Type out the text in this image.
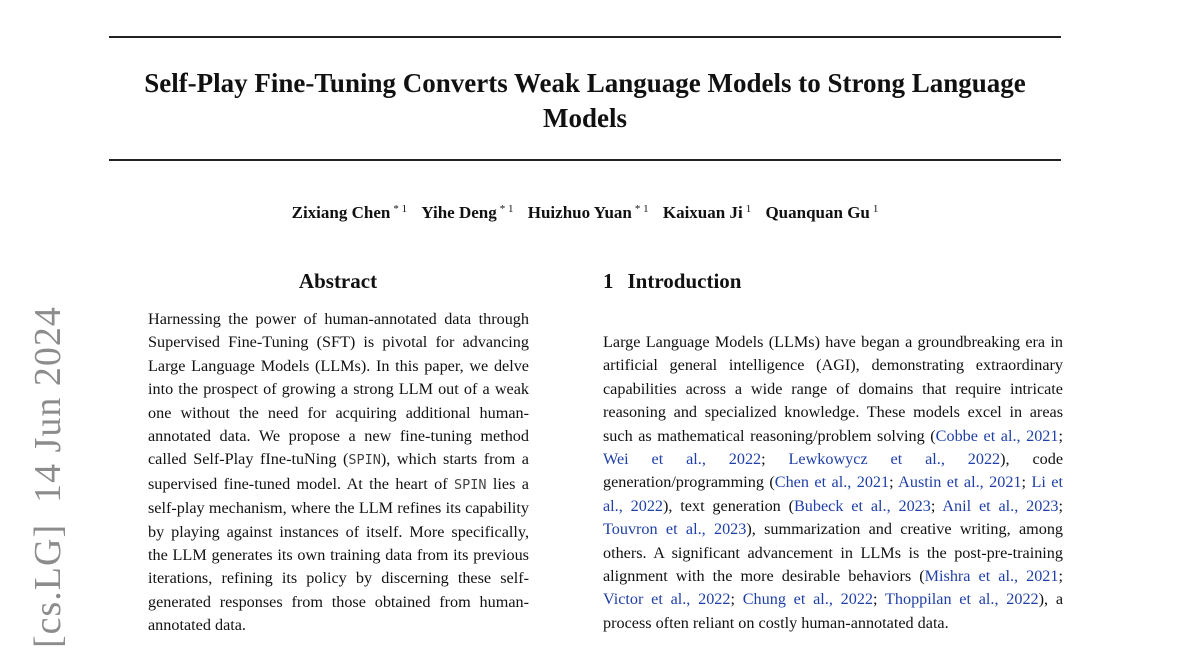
Self-Play Fine-Tuning Converts Weak Language Models to Strong Language Models
Zixiang Chen $^{* 1}$ Yihe Deng $^{* 1}$ Huizhuo Yuan $^{* 1}$ Kaixuan Ji $^1$ Quanquan Gu $^1$
[cs.LG]  14 Jun 2024
Abstract
Harnessing the power of human-annotated data through Supervised Fine-Tuning (SFT) is pivotal for advancing Large Language Models (LLMs). In this paper, we delve into the prospect of growing a strong LLM out of a weak one without the need for acquiring additional human-annotated data. We propose a new fine-tuning method called Self-Play fIne-tuNing (SPIN), which starts from a supervised fine-tuned model. At the heart of SPIN lies a self-play mechanism, where the LLM refines its capability by playing against instances of itself. More specifically, the LLM generates its own training data from its previous iterations, refining its policy by discerning these self-generated responses from those obtained from human-annotated data.
1 Introduction
Large Language Models (LLMs) have began a groundbreaking era in artificial general intelligence (AGI), demonstrating extraordinary capabilities across a wide range of domains that require intricate reasoning and specialized knowledge. These models excel in areas such as mathematical reasoning/problem solving (Cobbe et al., 2021; Wei et al., 2022; Lewkowycz et al., 2022), code generation/programming (Chen et al., 2021; Austin et al., 2021; Li et al., 2022), text generation (Bubeck et al., 2023; Anil et al., 2023; Touvron et al., 2023), summarization and creative writing, among others. A significant advancement in LLMs is the post-pre-training alignment with the more desirable behaviors (Mishra et al., 2021; Victor et al., 2022; Chung et al., 2022; Thoppilan et al., 2022), a process often reliant on costly human-annotated data.
